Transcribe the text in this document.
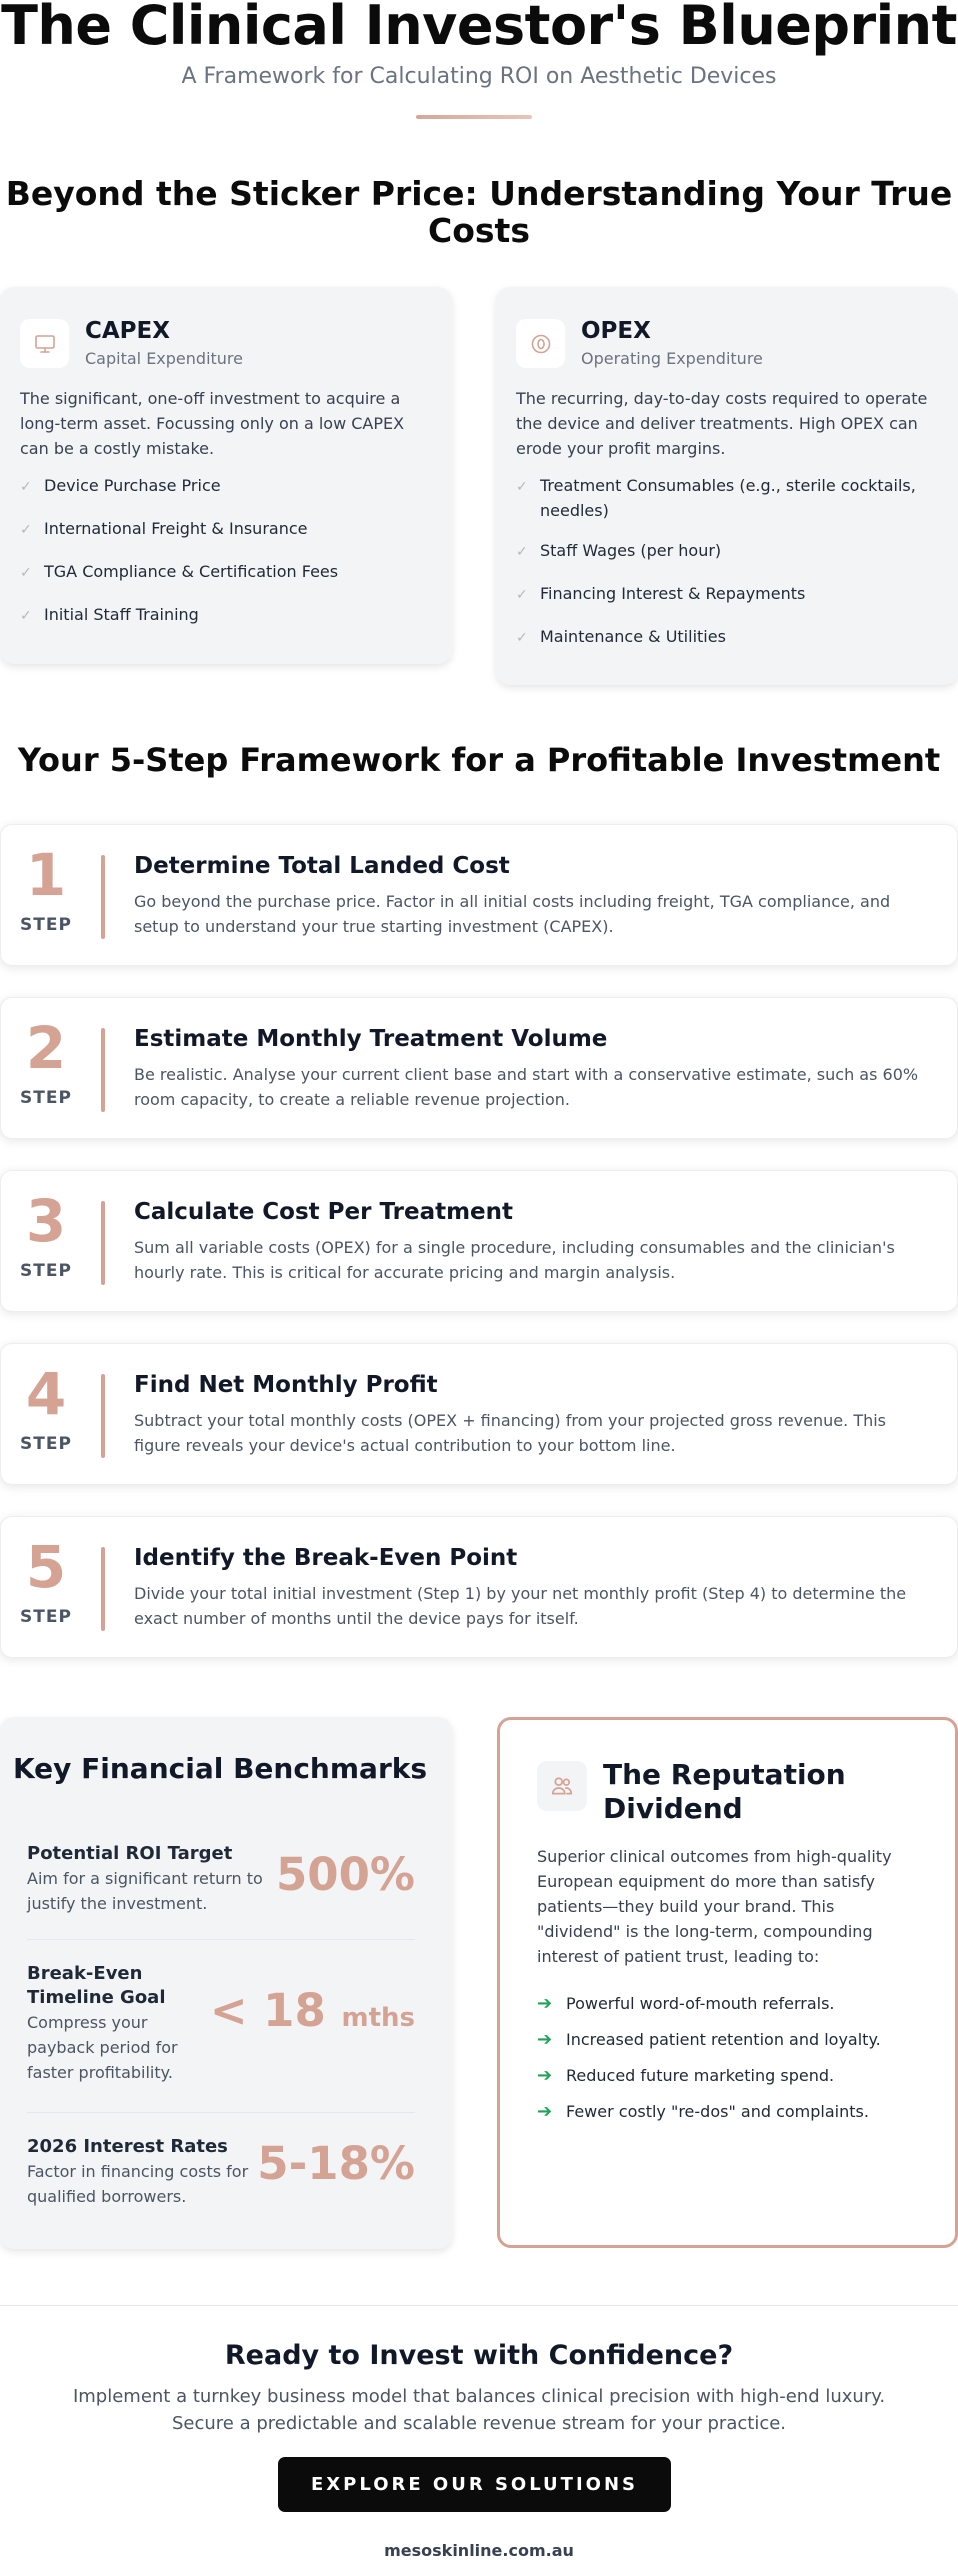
The Clinical Investor's Blueprint

A Framework for Calculating ROI on Aesthetic Devices

Beyond the Sticker Price: Understanding Your True Costs
CAPEX
Capital Expenditure

The significant, one-off investment to acquire a long-term asset. Focussing only on a low CAPEX can be a costly mistake.

✓ Device Purchase Price
✓ International Freight & Insurance
✓ TGA Compliance & Certification Fees
✓ Initial Staff Training
OPEX
Operating Expenditure

The recurring, day-to-day costs required to operate the device and deliver treatments. High OPEX can erode your profit margins.

✓ Treatment Consumables (e.g., sterile cocktails, needles)
✓ Staff Wages (per hour)
✓ Financing Interest & Repayments
✓ Maintenance & Utilities
Your 5-Step Framework for a Profitable Investment
1
STEP
Determine Total Landed Cost

Go beyond the purchase price. Factor in all initial costs including freight, TGA compliance, and setup to understand your true starting investment (CAPEX).

2
STEP
Estimate Monthly Treatment Volume

Be realistic. Analyse your current client base and start with a conservative estimate, such as 60% room capacity, to create a reliable revenue projection.

3
STEP
Calculate Cost Per Treatment

Sum all variable costs (OPEX) for a single procedure, including consumables and the clinician's hourly rate. This is critical for accurate pricing and margin analysis.

4
STEP
Find Net Monthly Profit

Subtract your total monthly costs (OPEX + financing) from your projected gross revenue. This figure reveals your device's actual contribution to your bottom line.

5
STEP
Identify the Break-Even Point

Divide your total initial investment (Step 1) by your net monthly profit (Step 4) to determine the exact number of months until the device pays for itself.

Key Financial Benchmarks
Potential ROI Target
Aim for a significant return to justify the investment.
500%
Break-Even Timeline Goal
Compress your payback period for faster profitability.
< 18 mths
2026 Interest Rates
Factor in financing costs for qualified borrowers.
5-18%
The Reputation Dividend

Superior clinical outcomes from high-quality European equipment do more than satisfy patients—they build your brand. This "dividend" is the long-term, compounding interest of patient trust, leading to:

➔ Powerful word-of-mouth referrals.
➔ Increased patient retention and loyalty.
➔ Reduced future marketing spend.
➔ Fewer costly "re-dos" and complaints.
Ready to Invest with Confidence?

Implement a turnkey business model that balances clinical precision with high-end luxury. Secure a predictable and scalable revenue stream for your practice.

EXPLORE OUR SOLUTIONS
mesoskinline.com.au
